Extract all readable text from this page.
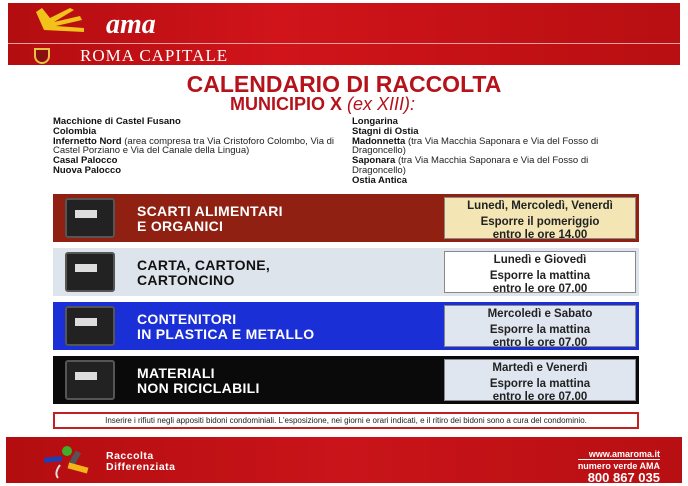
ama
ROMA CAPITALE
CALENDARIO DI RACCOLTA
MUNICIPIO X (ex XIII):
Macchione di Castel Fusano
Colombia
Infernetto Nord (area compresa tra Via Cristoforo Colombo, Via di Castel Porziano e Via del Canale della Lingua)
Casal Palocco
Nuova Palocco
Longarina
Stagni di Ostia
Madonnetta (tra Via Macchia Saponara e Via del Fosso di Dragoncello)
Saponara (tra Via Macchia Saponara e Via del Fosso di Dragoncello)
Ostia Antica
SCARTI ALIMENTARI
E ORGANICI
Lunedì, Mercoledì, Venerdì
Esporre il pomeriggio
entro le ore 14.00
CARTA, CARTONE,
CARTONCINO
Lunedì e Giovedì
Esporre la mattina
entro le ore 07.00
CONTENITORI
IN PLASTICA E METALLO
Mercoledì e Sabato
Esporre la mattina
entro le ore 07.00
MATERIALI
NON RICICLABILI
Martedì e Venerdì
Esporre la mattina
entro le ore 07.00
Inserire i rifiuti negli appositi bidoni condominiali. L'esposizione, nei giorni e orari indicati, e il ritiro dei bidoni sono a cura del condominio.
Raccolta
Differenziata
www.amaroma.it
numero verde AMA
800 867 035
